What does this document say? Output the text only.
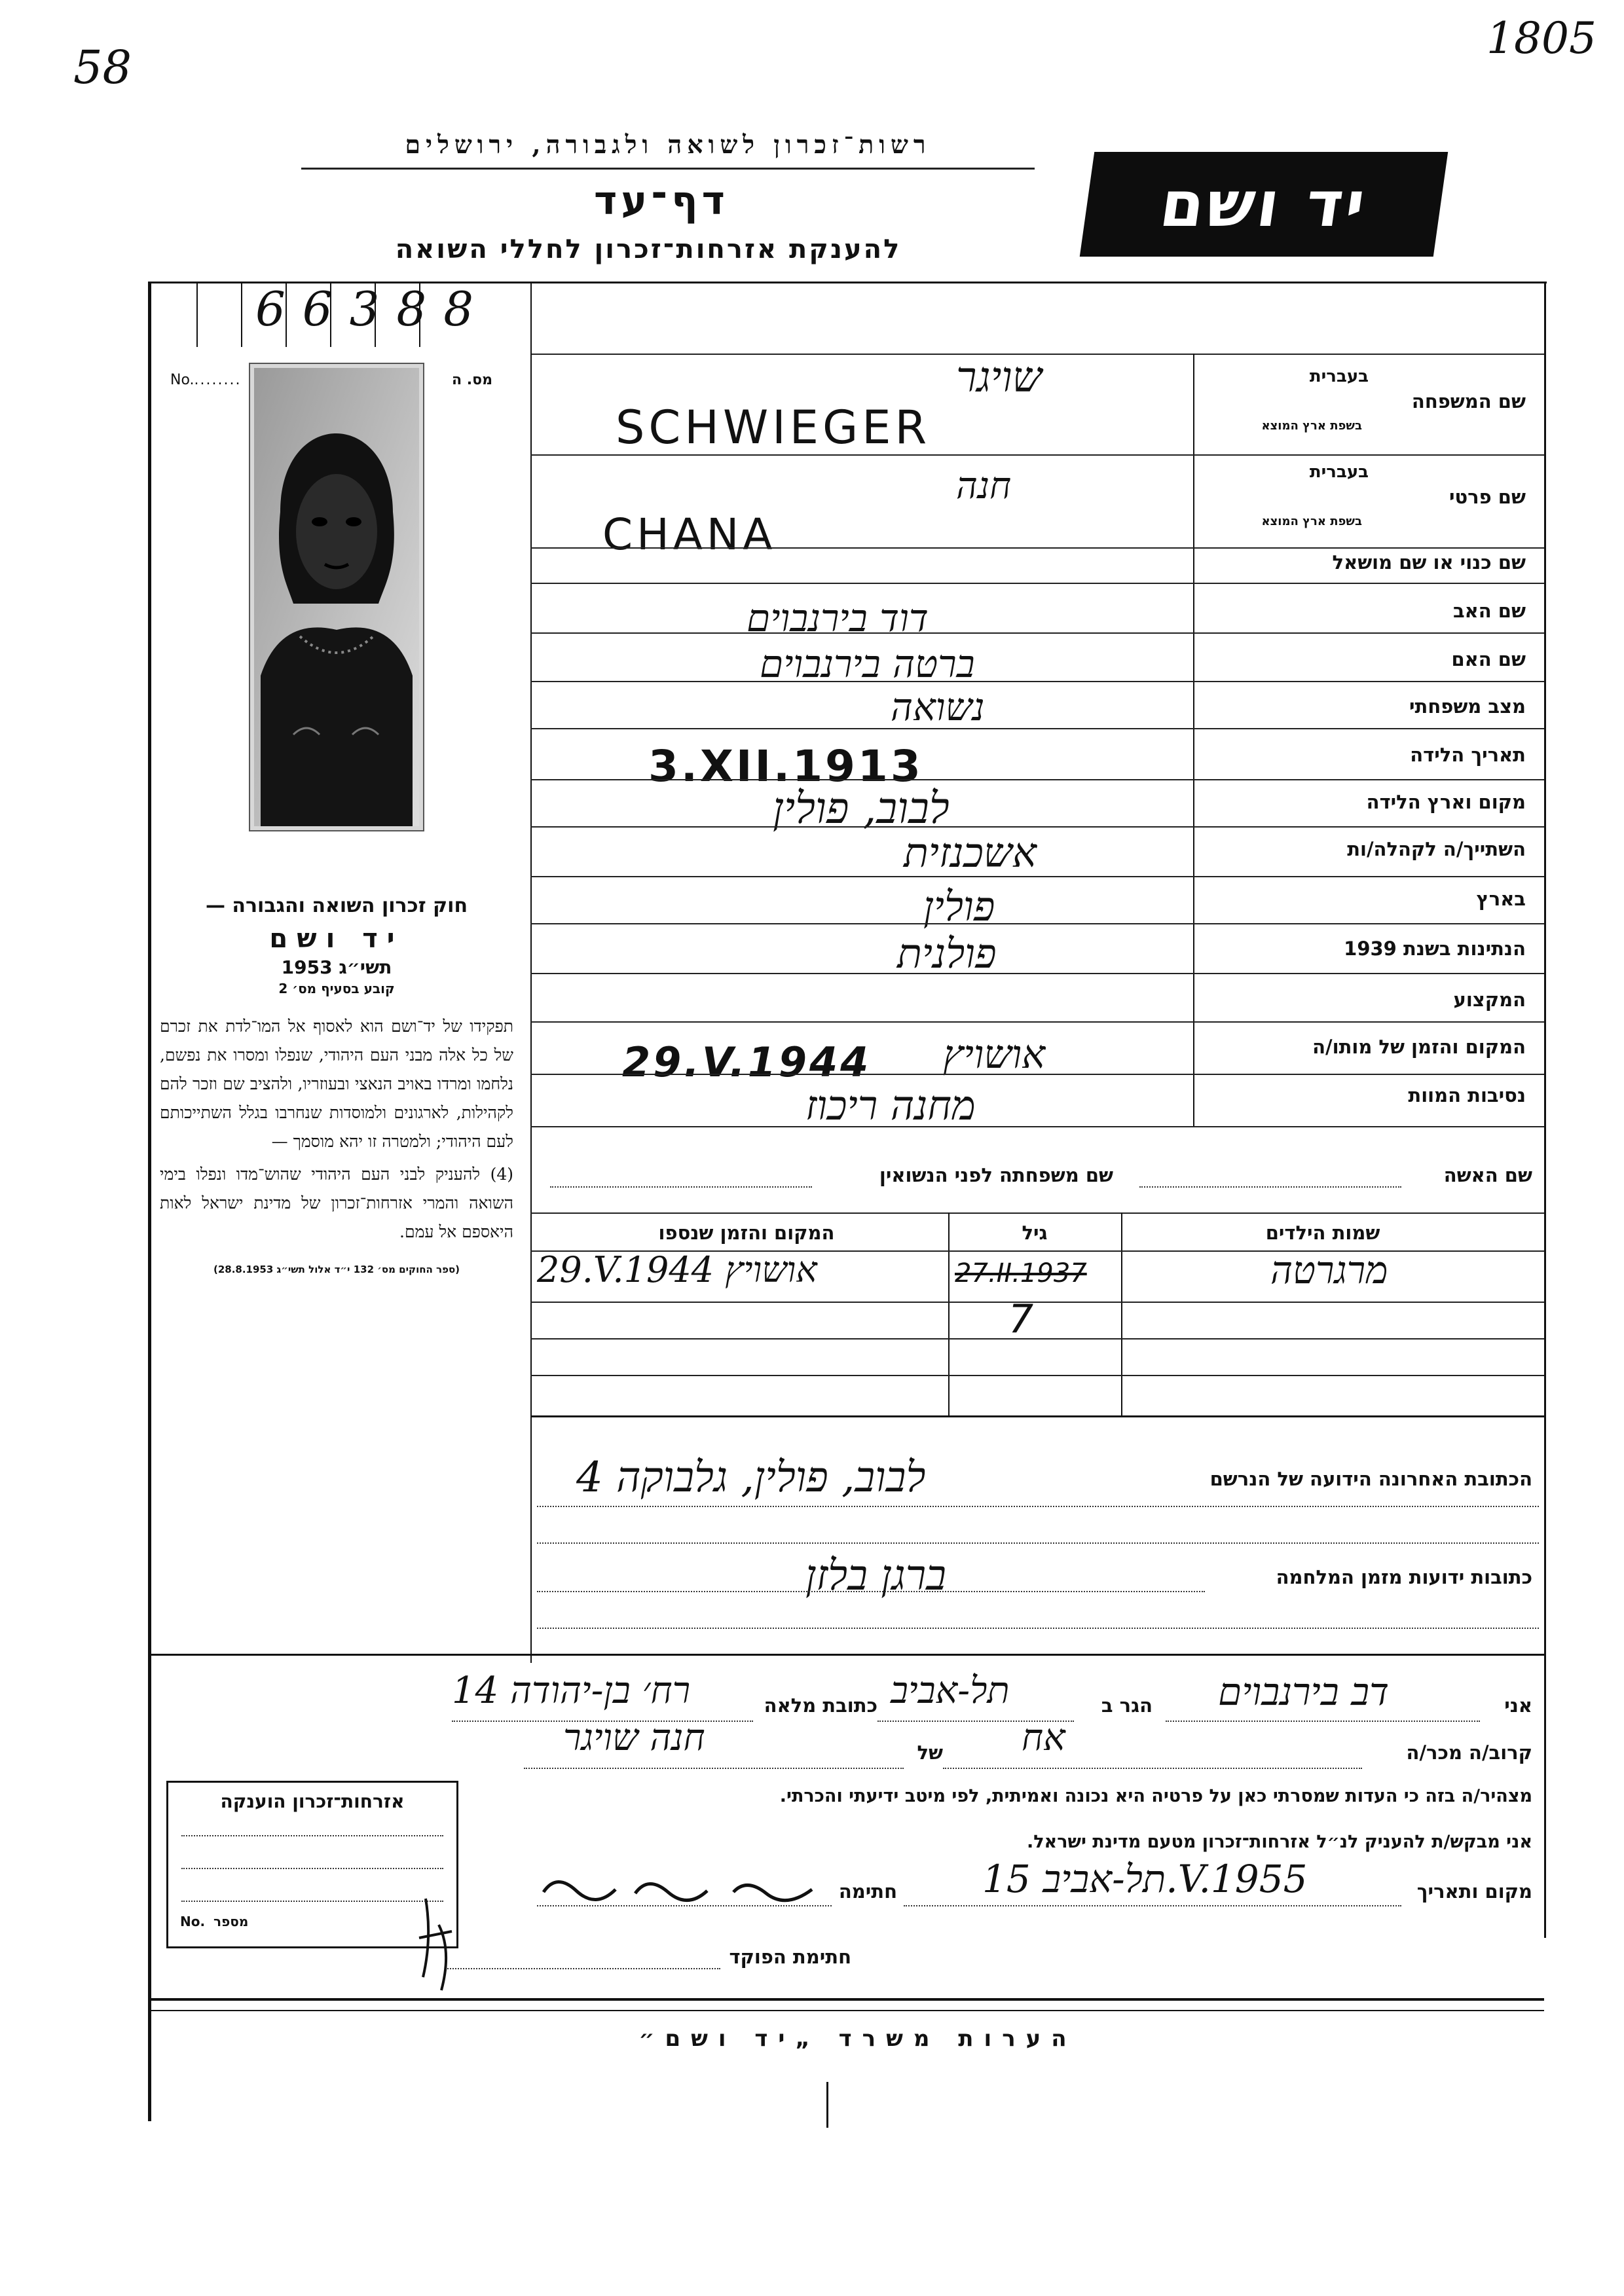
58
1805
רשות־זכרון לשואה ולגבורה, ירושלים
דף־עד
להענקת אזרחות־זכרון לחללי השואה
יד ושם
66388
No.........	מס. ה
שם המשפחה
בעברית
בשפת ארץ המוצא
שויגר
SCHWIEGER
שם פרטי
בעברית
בשפת ארץ המוצא
חנה
CHANA
שם כנוי או שם מושאל
שם האב
דוד בירנבוים
שם האם
ברטה בירנבוים
מצב משפחתי
נשואה
תאריך הלידה
3.XII.1913
מקום וארץ הלידה
לבוב, פולין
השתייך/ה לקהלה/ות
אשכנזית
בארץ
פולין
הנתינות בשנת 1939
פולנית
המקצוע
המקום והזמן של מותו/ה
29.V.1944 אושויץ
נסיבות המוות
מחנה ריכוז
שם האשה
שם משפחתה לפני הנשואין
שמות הילדים
גיל
המקום והזמן שנספו
מרגרטה
27.II.1937
7
29.V.1944 אושויץ
הכתובת האחרונה הידועה של הנרשם
לבוב, פולין, גלבוקה 4
כתובות ידועות מזמן המלחמה
ברגן בלזן
חוק זכרון השואה והגבורה —
יד ושם
תשי״ג 1953
קובע בסעיף מס׳ 2
תפקידו של יד־ושם הוא לאסוף אל המו־לדת את זכרם של כל אלה מבני העם היהודי, שנפלו ומסרו את נפשם, נלחמו ומרדו באויב הנאצי ובעוזריו, ולהציב שם וזכר להם לקהילות, לארגונים ולמוסדות שנחרבו בגלל השתייכותם לעם היהודי; ולמטרה זו יהא מוסמך —
(4) להעניק לבני העם היהודי שהוש־מדו ונפלו בימי השואה והמרי אזרחות־זכרון של מדינת ישראל לאות היאספם אל עמם.
(ספר החוקים מס׳ 132 י״ד אלול תשי״ג 28.8.1953)
אני
דב בירנבוים
הגר ב
תל-אביב
כתובת מלאה
רח׳ בן-יהודה 14
קרוב/ה מכר/ה
אח
של
חנה שויגר
מצהיר/ה בזה כי העדות שמסרתי כאן על פרטיה היא נכונה ואמיתית, לפי מיטב ידיעתי והכרתי.
אני מבקש/ת להעניק לנ״ל אזרחות־זכרון מטעם מדינת ישראל.
מקום ותאריך
תל-אביב 15.V.1955
חתימה
חתימת הפוקד
אזרחות־זכרון הוענקה
No. מספר
הערות משרד „יד ושם״
